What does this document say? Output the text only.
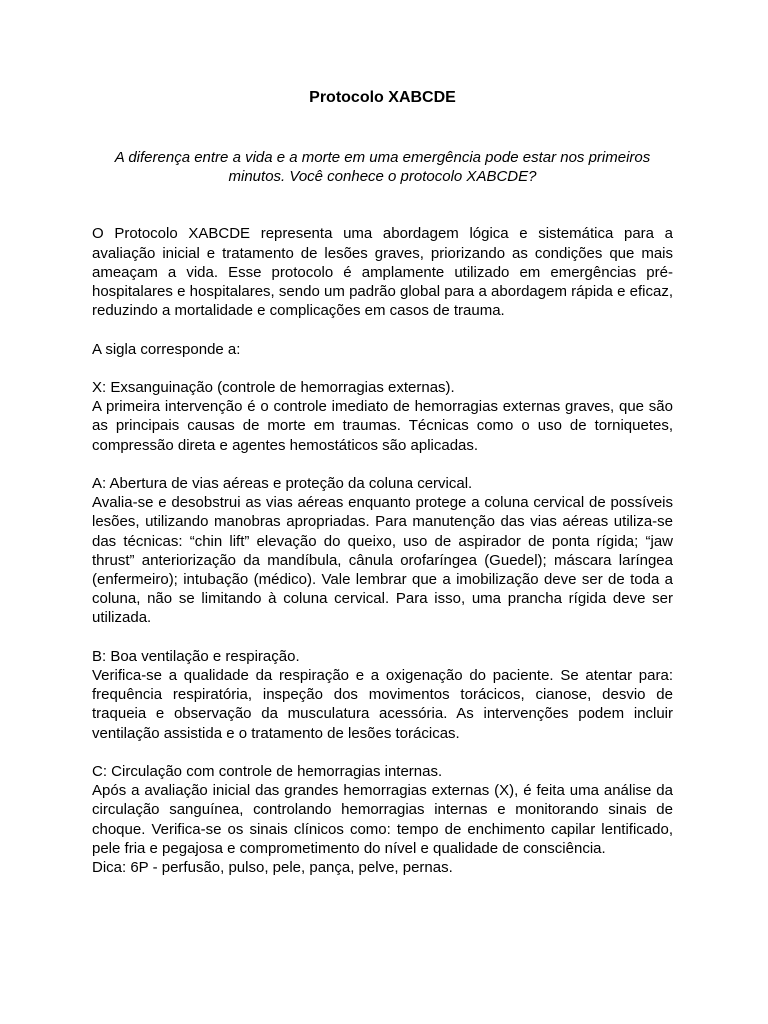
Protocolo XABCDE

A diferença entre a vida e a morte em uma emergência pode estar nos primeiros minutos. Você conhece o protocolo XABCDE?

O Protocolo XABCDE representa uma abordagem lógica e sistemática para a avaliação inicial e tratamento de lesões graves, priorizando as condições que mais ameaçam a vida. Esse protocolo é amplamente utilizado em emergências pré-hospitalares e hospitalares, sendo um padrão global para a abordagem rápida e eficaz, reduzindo a mortalidade e complicações em casos de trauma.

A sigla corresponde a:

X: Exsanguinação (controle de hemorragias externas).

A primeira intervenção é o controle imediato de hemorragias externas graves, que são as principais causas de morte em traumas. Técnicas como o uso de torniquetes, compressão direta e agentes hemostáticos são aplicadas.

A: Abertura de vias aéreas e proteção da coluna cervical.

Avalia-se e desobstrui as vias aéreas enquanto protege a coluna cervical de possíveis lesões, utilizando manobras apropriadas. Para manutenção das vias aéreas utiliza-se das técnicas: “chin lift” elevação do queixo, uso de aspirador de ponta rígida; “jaw thrust” anteriorização da mandíbula, cânula orofaríngea (Guedel); máscara laríngea (enfermeiro); intubação (médico). Vale lembrar que a imobilização deve ser de toda a coluna, não se limitando à coluna cervical. Para isso, uma prancha rígida deve ser utilizada.

B: Boa ventilação e respiração.

Verifica-se a qualidade da respiração e a oxigenação do paciente. Se atentar para: frequência respiratória, inspeção dos movimentos torácicos, cianose, desvio de traqueia e observação da musculatura acessória. As intervenções podem incluir ventilação assistida e o tratamento de lesões torácicas.

C: Circulação com controle de hemorragias internas.

Após a avaliação inicial das grandes hemorragias externas (X), é feita uma análise da circulação sanguínea, controlando hemorragias internas e monitorando sinais de choque. Verifica-se os sinais clínicos como: tempo de enchimento capilar lentificado, pele fria e pegajosa e comprometimento do nível e qualidade de consciência.

Dica: 6P - perfusão, pulso, pele, pança, pelve, pernas.
